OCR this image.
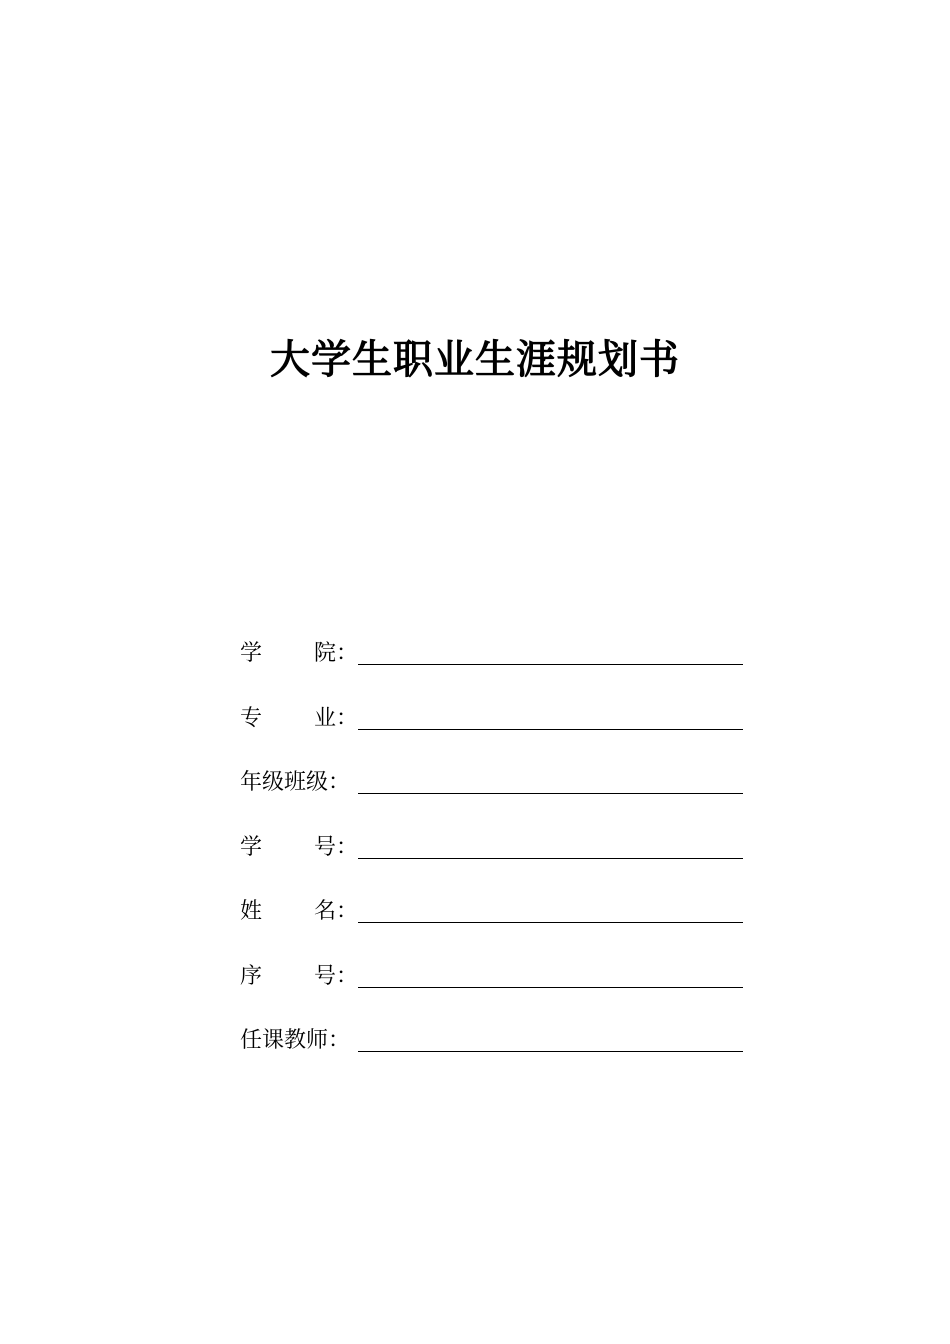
大学生职业生涯规划书
学 院：
专 业：
年级班级：
学 号：
姓 名：
序 号：
任课教师：
